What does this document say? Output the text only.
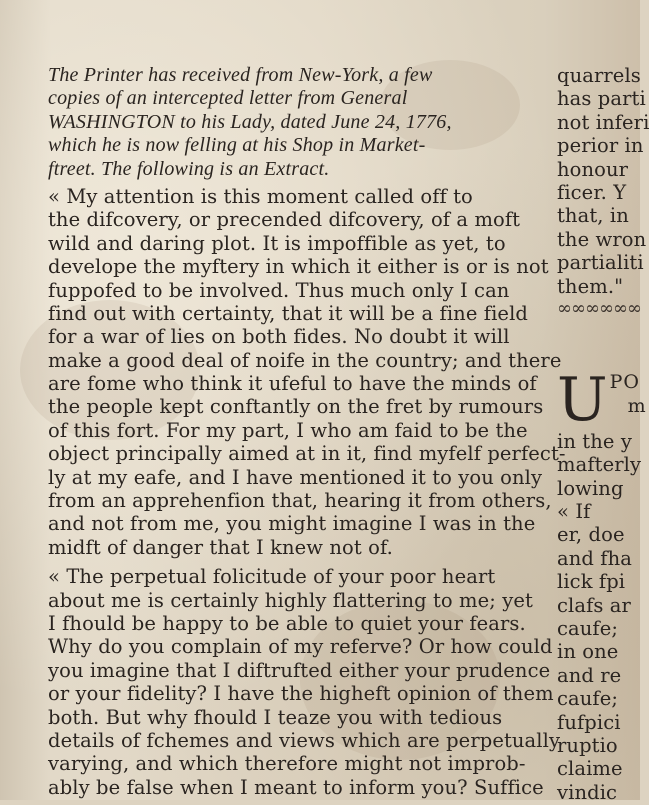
The Printer has received from New-York, a few
copies of an intercepted letter from General
WASHINGTON to his Lady, dated June 24, 1776,
which he is now felling at his Shop in Market-
ftreet. The following is an Extract.
« My attention is this moment called off to
the difcovery, or precended difcovery, of a moft
wild and daring plot. It is impoffible as yet, to
develope the myftery in which it either is or is not
fuppofed to be involved. Thus much only I can
find out with certainty, that it will be a fine field
for a war of lies on both fides. No doubt it will
make a good deal of noife in the country; and there
are fome who think it ufeful to have the minds of
the people kept conftantly on the fret by rumours
of this fort. For my part, I who am faid to be the
object principally aimed at in it, find myfelf perfect-
ly at my eafe, and I have mentioned it to you only
from an apprehenfion that, hearing it from others,
and not from me, you might imagine I was in the
midft of danger that I knew not of.
« The perpetual folicitude of your poor heart
about me is certainly highly flattering to me; yet
I fhould be happy to be able to quiet your fears.
Why do you complain of my referve? Or how could
you imagine that I diftrufted either your prudence
or your fidelity? I have the higheft opinion of them
both. But why fhould I teaze you with tedious
details of fchemes and views which are perpetually
varying, and which therefore might not improb-
ably be false when I meant to inform you? Suffice
quarrels
has parti
not inferi
perior in
honour
ficer. Y
that, in
the wron
partialiti
them."
∞∞∞∞∞∞
U PO
m
in the y
mafterly
lowing
« If
er, doe
and fha
lick fpi
clafs ar
caufe;
in one
and re
caufe;
fufpici
ruptio
claime
vindic
